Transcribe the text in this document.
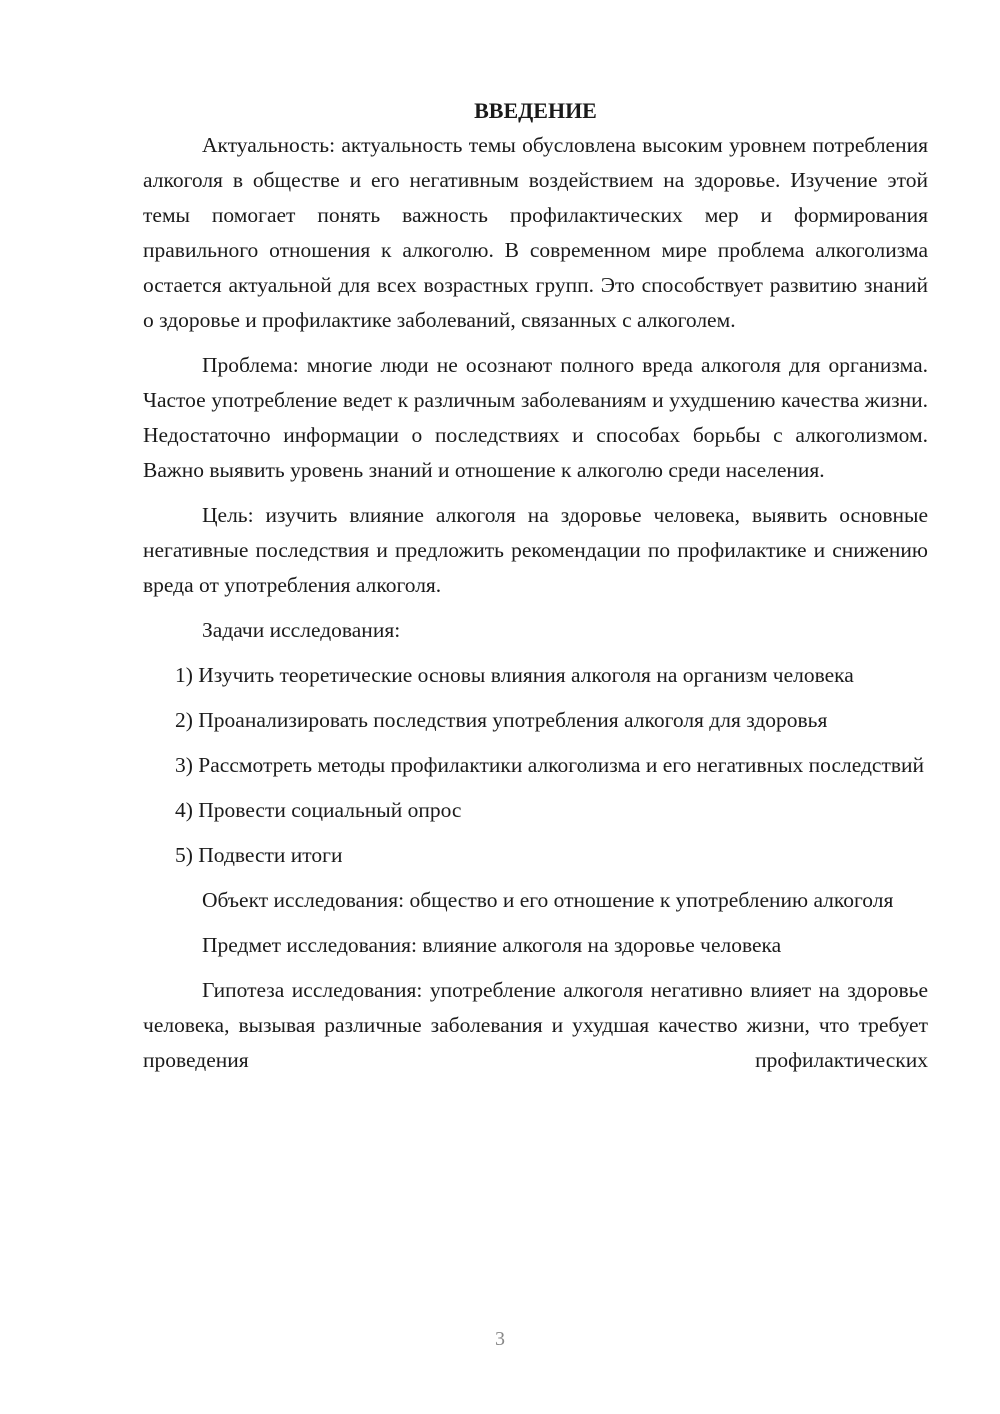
ВВЕДЕНИЕ

Актуальность: актуальность темы обусловлена высоким уровнем потребления алкоголя в обществе и его негативным воздействием на здоровье. Изучение этой темы помогает понять важность профилактических мер и формирования правильного отношения к алкоголю. В современном мире проблема алкоголизма остается актуальной для всех возрастных групп. Это способствует развитию знаний о здоровье и профилактике заболеваний, связанных с алкоголем.

Проблема: многие люди не осознают полного вреда алкоголя для организма. Частое употребление ведет к различным заболеваниям и ухудшению качества жизни. Недостаточно информации о последствиях и способах борьбы с алкоголизмом. Важно выявить уровень знаний и отношение к алкоголю среди населения.

Цель: изучить влияние алкоголя на здоровье человека, выявить основные негативные последствия и предложить рекомендации по профилактике и снижению вреда от употребления алкоголя.

Задачи исследования:

1) Изучить теоретические основы влияния алкоголя на организм человека

2) Проанализировать последствия употребления алкоголя для здоровья

3) Рассмотреть методы профилактики алкоголизма и его негативных последствий

4) Провести социальный опрос

5) Подвести итоги

Объект исследования: общество и его отношение к употреблению алкоголя

Предмет исследования: влияние алкоголя на здоровье человека

Гипотеза исследования: употребление алкоголя негативно влияет на здоровье человека, вызывая различные заболевания и ухудшая качество жизни, что требует проведения профилактических

3
